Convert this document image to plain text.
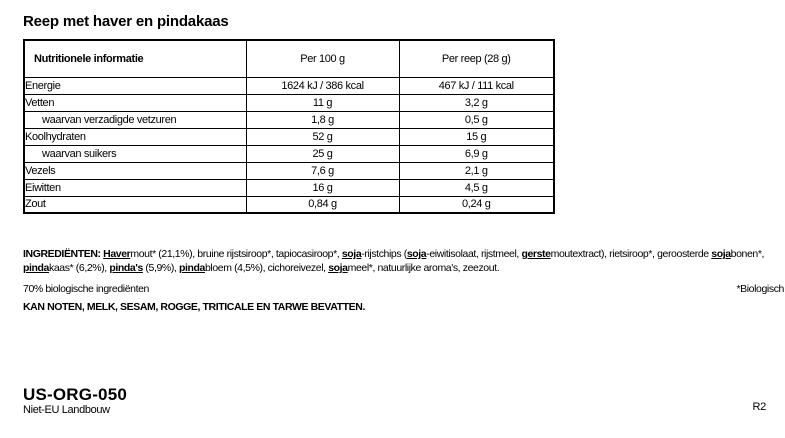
Reep met haver en pindakaas
Nutritionele informatie	Per 100 g	Per reep (28 g)
Energie	1624 kJ / 386 kcal	467 kJ / 111 kcal
Vetten	11 g	3,2 g
waarvan verzadigde vetzuren	1,8 g	0,5 g
Koolhydraten	52 g	15 g
waarvan suikers	25 g	6,9 g
Vezels	7,6 g	2,1 g
Eiwitten	16 g	4,5 g
Zout	0,84 g	0,24 g

INGREDIËNTEN: Havermout* (21,1%), bruine rijstsiroop*, tapiocasiroop*, soja-rijstchips (soja-eiwitisolaat, rijstmeel, gerstemoutextract), rietsiroop*, geroosterde sojabonen*, pindakaas* (6,2%), pinda's (5,9%), pindabloem (4,5%), cichoreivezel, sojameel*, natuurlijke aroma's, zeezout.

70% biologische ingrediënten	*Biologisch

KAN NOTEN, MELK, SESAM, ROGGE, TRITICALE EN TARWE BEVATTEN.

US-ORG-050
Niet-EU Landbouw	R2
